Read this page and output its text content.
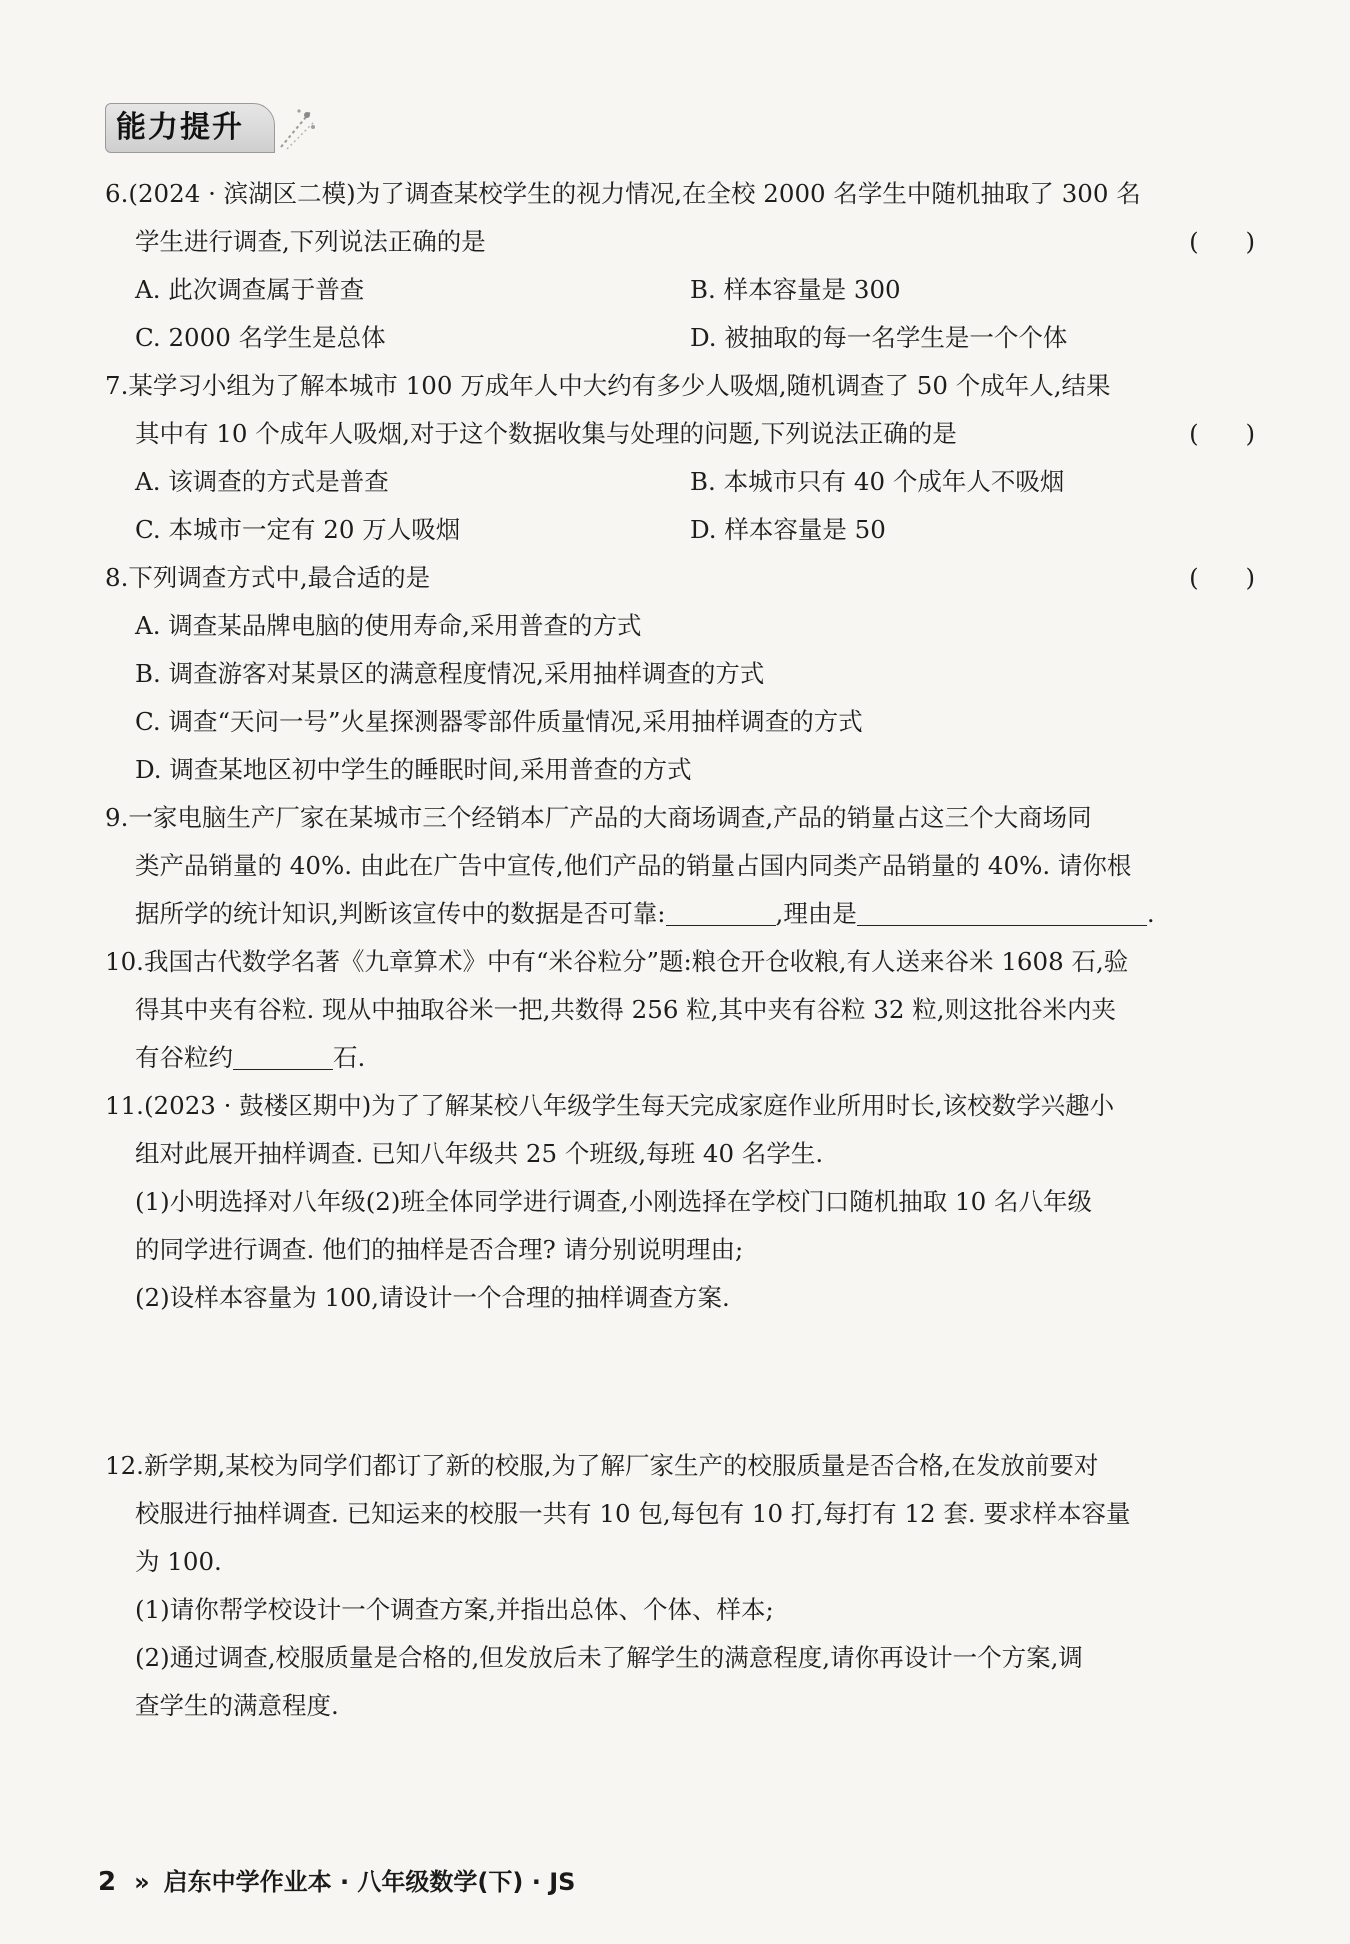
能力提升
6.(2024 · 滨湖区二模)为了调查某校学生的视力情况,在全校 2000 名学生中随机抽取了 300 名
学生进行调查,下列说法正确的是	(      )
A. 此次调查属于普查	B. 样本容量是 300
C. 2000 名学生是总体	D. 被抽取的每一名学生是一个个体
7.某学习小组为了解本城市 100 万成年人中大约有多少人吸烟,随机调查了 50 个成年人,结果
其中有 10 个成年人吸烟,对于这个数据收集与处理的问题,下列说法正确的是	(      )
A. 该调查的方式是普查	B. 本城市只有 40 个成年人不吸烟
C. 本城市一定有 20 万人吸烟	D. 样本容量是 50
8.下列调查方式中,最合适的是	(      )
A. 调查某品牌电脑的使用寿命,采用普查的方式
B. 调查游客对某景区的满意程度情况,采用抽样调查的方式
C. 调查“天问一号”火星探测器零部件质量情况,采用抽样调查的方式
D. 调查某地区初中学生的睡眠时间,采用普查的方式
9.一家电脑生产厂家在某城市三个经销本厂产品的大商场调查,产品的销量占这三个大商场同
类产品销量的 40%. 由此在广告中宣传,他们产品的销量占国内同类产品销量的 40%. 请你根
据所学的统计知识,判断该宣传中的数据是否可靠:	,理由是	.
10.我国古代数学名著《九章算术》中有“米谷粒分”题:粮仓开仓收粮,有人送来谷米 1608 石,验
得其中夹有谷粒. 现从中抽取谷米一把,共数得 256 粒,其中夹有谷粒 32 粒,则这批谷米内夹
有谷粒约	石.
11.(2023 · 鼓楼区期中)为了了解某校八年级学生每天完成家庭作业所用时长,该校数学兴趣小
组对此展开抽样调查. 已知八年级共 25 个班级,每班 40 名学生.
(1)小明选择对八年级(2)班全体同学进行调查,小刚选择在学校门口随机抽取 10 名八年级
的同学进行调查. 他们的抽样是否合理? 请分别说明理由;
(2)设样本容量为 100,请设计一个合理的抽样调查方案.
12.新学期,某校为同学们都订了新的校服,为了解厂家生产的校服质量是否合格,在发放前要对
校服进行抽样调查. 已知运来的校服一共有 10 包,每包有 10 打,每打有 12 套. 要求样本容量
为 100.
(1)请你帮学校设计一个调查方案,并指出总体、个体、样本;
(2)通过调查,校服质量是合格的,但发放后未了解学生的满意程度,请你再设计一个方案,调
查学生的满意程度.
2 » 启东中学作业本 · 八年级数学(下) · JS
